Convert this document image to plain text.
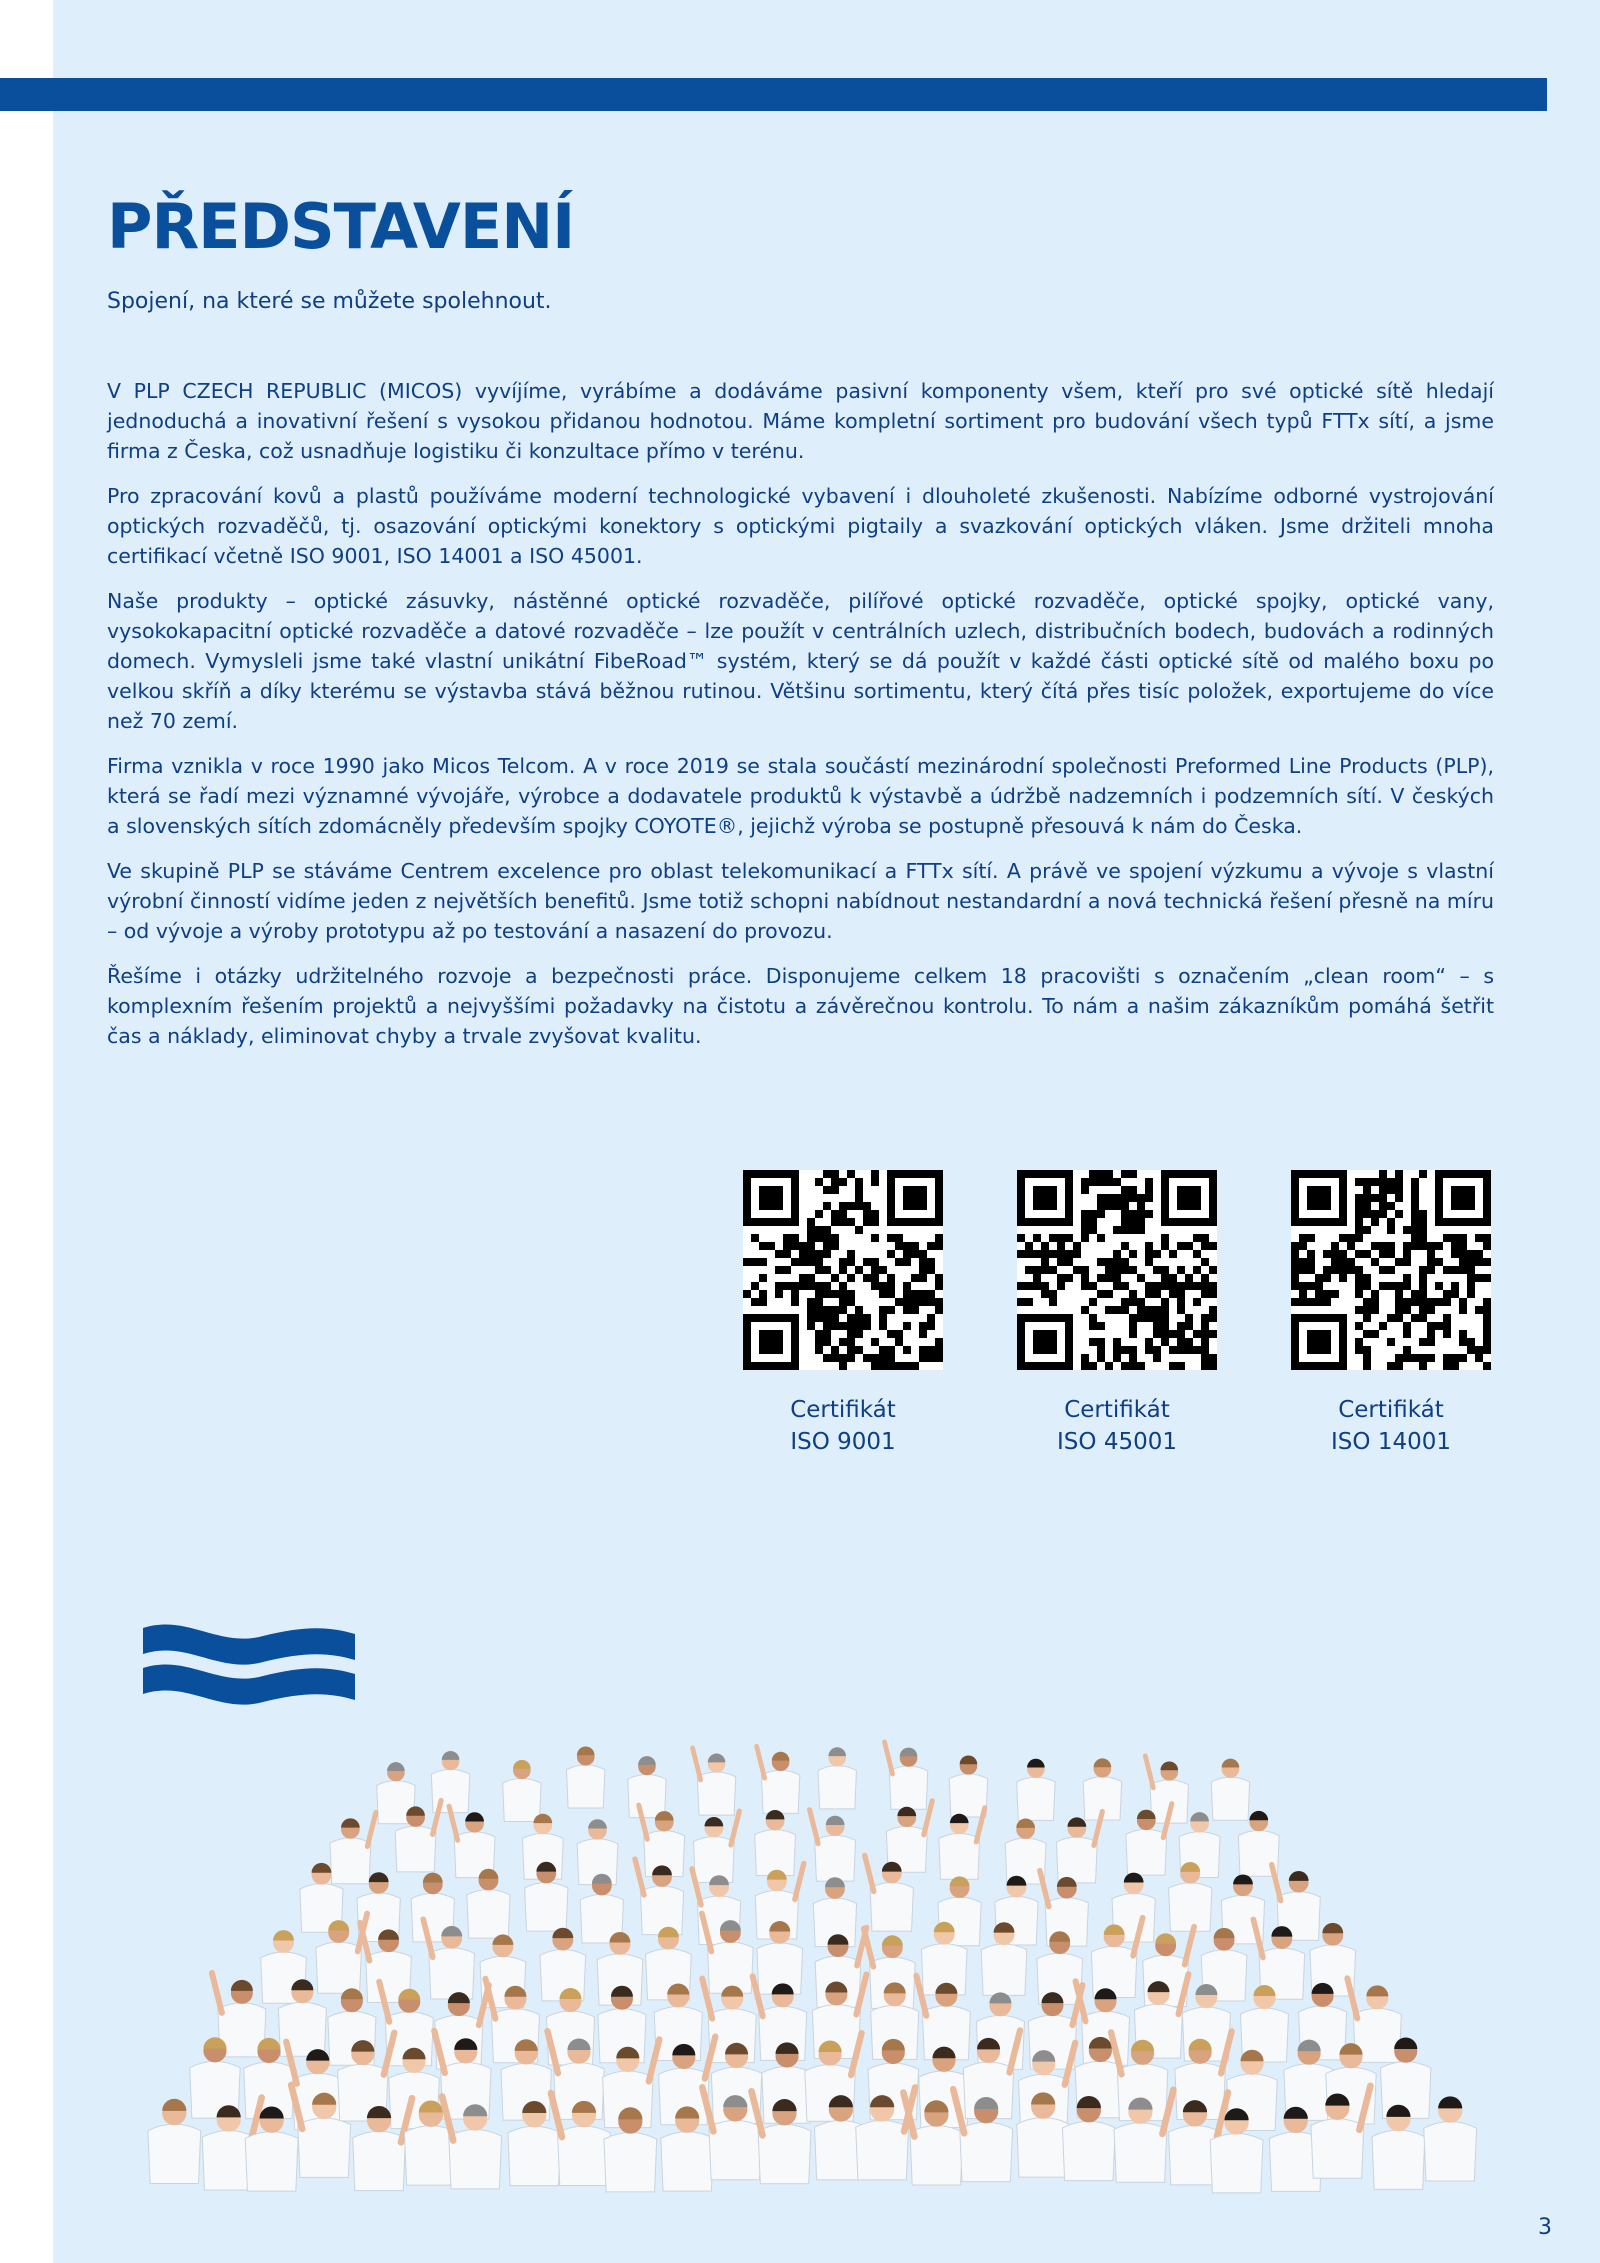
PŘEDSTAVENÍ

Spojení, na které se můžete spolehnout.

V PLP CZECH REPUBLIC (MICOS) vyvíjíme, vyrábíme a dodáváme pasivní komponenty všem, kteří pro své optické sítě hledají jednoduchá a inovativní řešení s vysokou přidanou hodnotou. Máme kompletní sortiment pro budování všech typů FTTx sítí, a jsme firma z Česka, což usnadňuje logistiku či konzultace přímo v terénu.

Pro zpracování kovů a plastů používáme moderní technologické vybavení i dlouholeté zkušenosti. Nabízíme odborné vystrojování optických rozvaděčů, tj. osazování optickými konektory s optickými pigtaily a svazkování optických vláken. Jsme držiteli mnoha certifikací včetně ISO 9001, ISO 14001 a ISO 45001.

Naše produkty – optické zásuvky, nástěnné optické rozvaděče, pilířové optické rozvaděče, optické spojky, optické vany, vysokokapacitní optické rozvaděče a datové rozvaděče – lze použít v centrálních uzlech, distribučních bodech, budovách a rodinných domech. Vymysleli jsme také vlastní unikátní FibeRoad™ systém, který se dá použít v každé části optické sítě od malého boxu po velkou skříň a díky kterému se výstavba stává běžnou rutinou. Většinu sortimentu, který čítá přes tisíc položek, exportujeme do více než 70 zemí.

Firma vznikla v roce 1990 jako Micos Telcom. A v roce 2019 se stala součástí mezinárodní společnosti Preformed Line Products (PLP), která se řadí mezi významné vývojáře, výrobce a dodavatele produktů k výstavbě a údržbě nadzemních i podzemních sítí. V českých a slovenských sítích zdomácněly především spojky COYOTE®, jejichž výroba se postupně přesouvá k nám do Česka.

Ve skupině PLP se stáváme Centrem excelence pro oblast telekomunikací a FTTx sítí. A právě ve spojení výzkumu a vývoje s vlastní výrobní činností vidíme jeden z největších benefitů. Jsme totiž schopni nabídnout nestandardní a nová technická řešení přesně na míru – od vývoje a výroby prototypu až po testování a nasazení do provozu.

Řešíme i otázky udržitelného rozvoje a bezpečnosti práce. Disponujeme celkem 18 pracovišti s označením „clean room“ – s komplexním řešením projektů a nejvyššími požadavky na čistotu a závěrečnou kontrolu. To nám a našim zákazníkům pomáhá šetřit čas a náklady, eliminovat chyby a trvale zvyšovat kvalitu.

Certifikát
ISO 9001
Certifikát
ISO 45001
Certifikát
ISO 14001
3
